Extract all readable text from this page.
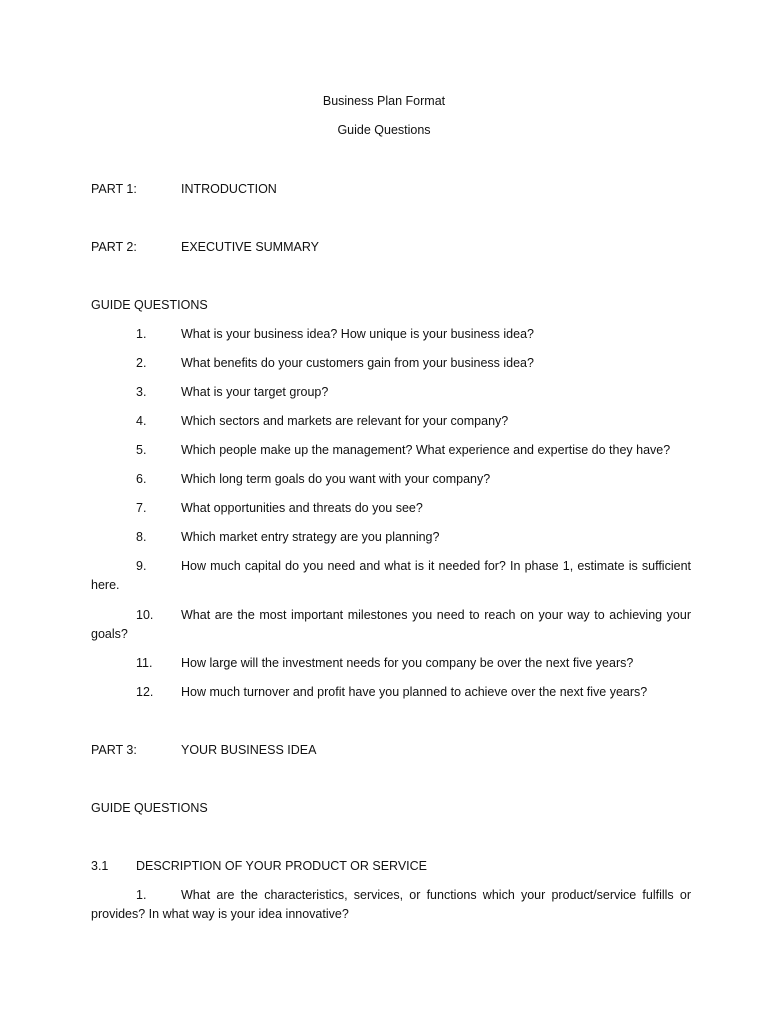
Business Plan Format
Guide Questions
PART 1:	INTRODUCTION
PART 2:	EXECUTIVE SUMMARY
GUIDE QUESTIONS
1.	What is your business idea? How unique is your business idea?
2.	What benefits do your customers gain from your business idea?
3.	What is your target group?
4.	Which sectors and markets are relevant for your company?
5.	Which people make up the management? What experience and expertise do they have?
6.	Which long term goals do you want with your company?
7.	What opportunities and threats do you see?
8.	Which market entry strategy are you planning?
9.	How much capital do you need and what is it needed for? In phase 1, estimate is sufficient here.
10. What are the most important milestones you need to reach on your way to achieving your goals?
11. How large will the investment needs for you company be over the next five years?
12. How much turnover and profit have you planned to achieve over the next five years?
PART 3:	YOUR BUSINESS IDEA
GUIDE QUESTIONS
3.1 DESCRIPTION OF YOUR PRODUCT OR SERVICE
1.	What are the characteristics, services, or functions which your product/service fulfills or provides? In what way is your idea innovative?
